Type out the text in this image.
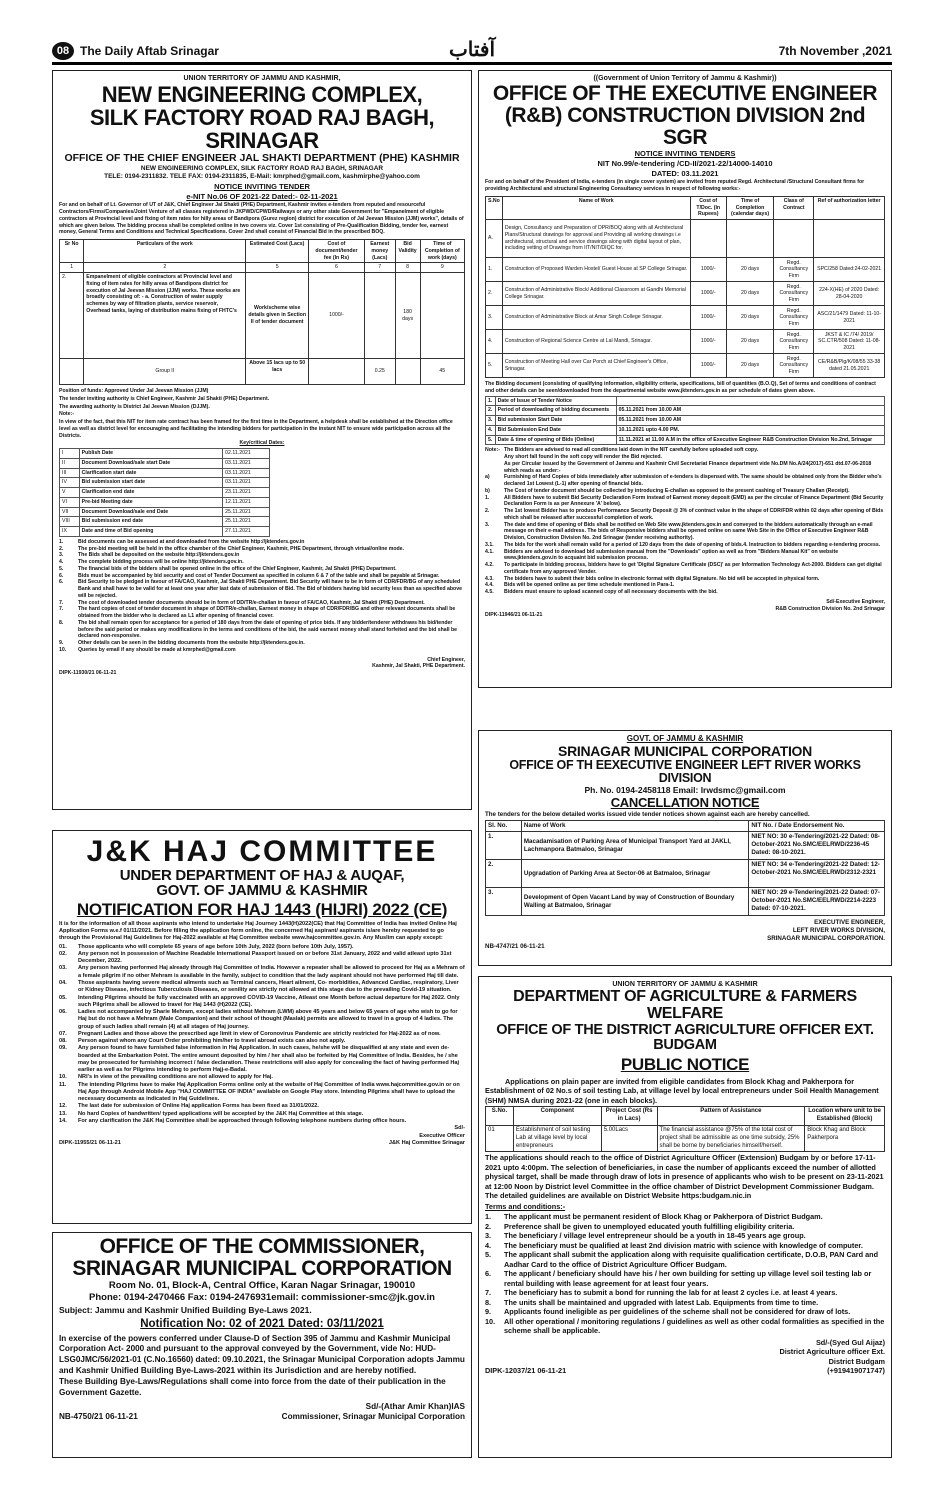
08 The Daily Aftab Srinagar	آفتاب	7th November ,2021
UNION TERRITORY OF JAMMU AND KASHMIR,
NEW ENGINEERING COMPLEX,
SILK FACTORY ROAD RAJ BAGH, SRINAGAR
OFFICE OF THE CHIEF ENGINEER JAL SHAKTI DEPARTMENT (PHE) KASHMIR
NEW ENGINEERING COMPLEX, SILK FACTORY ROAD RAJ BAGH, SRINAGAR
TELE: 0194-2311832. TELE FAX: 0194-2311835, E-Mail: kmrphed@gmail.com, kashmirphe@yahoo.com
NOTICE INVITING TENDER
e-NIT No.06 OF 2021-22 Dated:- 02-11-2021

For and on behalf of Lt. Governor of UT of J&K, Chief Engineer Jal Shakti (PHE) Department, Kashmir invites e-tenders from reputed and resourceful Contractors/Firms/Companies/Joint Venture of all classes registered in JKPWD/CPWD/Railways or any other state Government for "Empanelment of eligible contractors at Provincial level and fixing of item rates for hilly areas of Bandipora (Gurez region) district for execution of Jal Jeevan Mission (JJM) works", details of which are given below. The bidding process shall be completed online in two covers viz. Cover 1st consisting of Pre-Qualification Bidding, tender fee, earnest money, General Terms and Conditions and Technical Specifications. Cover 2nd shall consist of Financial Bid in the prescribed BOQ.

Sr No	Particulars of the work	Estimated Cost (Lacs)	Cost of document/tender fee (In Rs)	Earnest money (Lacs)	Bid Validity	Time of Completion of work (days)
1	2	5	6	7	8	9
2.	Empanelment of eligible contractors at Provincial level and fixing of item rates for hilly areas of Bandipora district for execution of Jal Jeevan Mission (JJM) works. These works are broadly consisting of: - a. Construction of water supply schemes by way of filtration plants, service reservoir, Overhead tanks, laying of distribution mains fixing of FHTC's	Work/scheme wise details given in Section II of tender document	1000/-		180 days	
	Group II	Above 15 lacs up to 50 lacs		0.25		45

Position of funds: Approved Under Jal Jeevan Mission (JJM)

The tender inviting authority is Chief Engineer, Kashmir Jal Shakti (PHE) Department.

The awarding authority is District Jal Jeevan Mission (DJJM).

Note:-

In view of the fact, that this NIT for item rate contract has been framed for the first time in the Department, a helpdesk shall be established at the Direction office level as well as district level for encouraging and facilitating the intending bidders for participation in the instant NIT to ensure wide participation across all the Districts.

Key/critical Dates:

I	Publish Date	02.11.2021
II	Document Download/sale start Date	03.11.2021
III	Clarification start date	03.11.2021
IV	Bid submission start date	03.11.2021
V	Clarification end date	23.11.2021
VI	Pre-bid Meeting date	12.11.2021
VII	Document Download/sale end Date	25.11.2021
VIII	Bid submission end date	25.11.2021
IX	Date and time of Bid opening	27.11.2021
1.	Bid documents can be assessed at and downloaded from the website http://jktenders.gov.in
2.	The pre-bid meeting will be held in the office chamber of the Chief Engineer, Kashmir, PHE Department, through virtual/online mode.
3.	The Bids shall be deposited on the website http://jktenders.gov.in
4.	The complete bidding process will be online http://jktenders.gov.in.
5.	The financial bids of the bidders shall be opened online in the office of the Chief Engineer, Kashmir, Jal Shakti (PHE) Department.
6.	Bids must be accompanied by bid security and cost of Tender Document as specified in column 6 & 7 of the table and shall be payable at Srinagar.
6.	Bid Security to be pledged in favour of FA/CAO, Kashmir, Jal Shakti PHE Department. Bid Security will have to be in form of CDR/FDR/BG of any scheduled Bank and shall have to be valid for at least one year after last date of submission of Bid. The Bid of bidders having bid security less than as specified above will be rejected.
7.	The cost of downloaded tender documents should be in form of DD/TR/e-challan in favour of FA/CAO, Kashmir, Jal Shakti (PHE) Department.
7.	The hard copies of cost of tender document in shape of DD/TR/e-challan, Earnest money in shape of CDR/FDR/BG and other relevant documents shall be obtained from the bidder who is declared as L1 after opening of financial cover.
8.	The bid shall remain open for acceptance for a period of 180 days from the date of opening of price bids. If any bidder/tenderer withdraws his bid/tender before the said period or makes any modifications in the terms and conditions of the bid, the said earnest money shall stand forfeited and the bid shall be declared non-responsive.
9.	Other details can be seen in the bidding documents from the website http://jktenders.gov.in.
10.	Queries by email if any should be made at kmrphed@gmail.com
Chief Engineer,
Kashmir, Jal Shakti, PHE Department.
DIPK-11930/21 06-11-21
((Government of Union Territory of Jammu & Kashmir))
OFFICE OF THE EXECUTIVE ENGINEER
(R&B) CONSTRUCTION DIVISION 2nd SGR
NOTICE INVITING TENDERS
NIT No.99/e-tendering /CD-II/2021-22/14000-14010
DATED: 03.11.2021

For and on behalf of the President of India, e-tenders (in single cover system) are invited from reputed Regd. Architectural /Structural Consultant firms for providing Architectural and structural Engineering Consultancy services in respect of following works:-

S.No	Name of Work	Cost of T/Doc. (In Rupees)	Time of Completion (calendar days)	Class of Contract	Ref of authorization letter
A.	Design, Consultancy and Preparation of DPR/BOQ along with all Architectural Plans/Structural drawings for approval and Providing all working drawings i.e architectural, structural and service drawings along with digital layout of plan, including vetting of Drawings from IIT/NIT/DIQC for.				
1.	Construction of Proposed Warden Hostel/ Guest House at SP College Srinagar.	1000/-	20 days	Regd. Consultancy Firm	SPC/258 Dated:24-02-2021
2.	Construction of Administrative Block/ Additional Classroom at Gandhi Memorial College Srinagar.	1000/-	20 days	Regd. Consultancy Firm	224-X(HE) of 2020 Dated: 28-04-2020
3.	Construction of Administrative Block at Amar Singh College Srinagar.	1000/-	20 days	Regd. Consultancy Firm	ASC/21/1479 Dated: 11-10-2021
4.	Construction of Regional Science Centre at Lal Mandi, Srinagar.	1000/-	20 days	Regd. Consultancy Firm	JKST & IC /74/ 2019/ SC.CTR/508 Dated: 11-08-2021
5.	Construction of Meeting Hall over Car Porch at Chief Engineer's Office, Srinagar.	1000/-	20 days	Regd. Consultancy Firm	CE/R&B/Plg/K/08/55 33-38 dated 21.05.2021

The Bidding document (consisting of qualifying information, eligibility criteria, specifications, bill of quantities (B.O.Q), Set of terms and conditions of contract and other details can be seen/downloaded from the departmental website www.jktenders.gov.in as per schedule of dates given above.

1.	Date of Issue of Tender Notice	
2.	Period of downloading of bidding documents	05.11.2021 from 10.00 AM
3.	Bid submission Start Date	05.11.2021 from 10.00 AM
4.	Bid Submission End Date	10.11.2021 upto 4.00 PM.
5.	Date & time of opening of Bids (Online)	11.11.2021 at 11.00 A.M in the office of Executive Engineer R&B Construction Division No.2nd, Srinagar
Note:- The Bidders are advised to read all conditions laid down in the NIT carefully before uploaded soft copy.
Any short fall found in the soft copy will render the Bid rejected.
As per Circular issued by the Government of Jammu and Kashmir Civil Secretariat Finance department vide No.DM No.A/24(2017)-651 dtd.07-06-2018 which reads as under:-
a)	Furnishing of Hard Copies of bids immediately after submission of e-tenders is dispensed with. The same should be obtained only from the Bidder who's declared 1st Lowest (L-1) after opening of financial bids.
b)	The Cost of tender document should be collected by introducing E-challan as opposed to the present cashing of Treasury Challan (Receipt).
1.	All Bidders have to submit Bid Security Declaration Form instead of Earnest money deposit (EMD) as per the circular of Finance Department (Bid Security Declaration Form is as per Annexure 'A' below).
2.	The 1st lowest Bidder has to produce Performance Security Deposit @ 3% of contract value in the shape of CDR/FDR within 02 days after opening of Bids which shall be released after successful completion of work.
3.	The date and time of opening of Bids shall be notified on Web Site www.jktenders.gov.in and conveyed to the bidders automatically through an e-mail message on their e-mail address. The bids of Responsive bidders shall be opened online on same Web Site in the Office of Executive Engineer R&B Division, Construction Division No. 2nd Srinagar (tender receiving authority).
3.1.	The bids for the work shall remain valid for a period of 120 days from the date of opening of bids.4. Instruction to bidders regarding e-tendering process.
4.1.	Bidders are advised to download bid submission manual from the "Downloads" option as well as from "Bidders Manual Kit" on website www.jktenders.gov.in to acquaint bid submission process.
4.2.	To participate in bidding process, bidders have to get 'Digital Signature Certificate (DSC)' as per Information Technology Act-2000. Bidders can get digital certificate from any approved Vender.
4.3.	The bidders have to submit their bids online in electronic format with digital Signature. No bid will be accepted in physical form.
4.4.	Bids will be opened online as per time schedule mentioned in Para-1.
4.5.	Bidders must ensure to upload scanned copy of all necessary documents with the bid.
Sd/-Executive Engineer,
R&B Construction Division No. 2nd Srinagar
DIPK-11946/21 06-11-21
GOVT. OF JAMMU & KASHMIR
SRINAGAR MUNICIPAL CORPORATION
OFFICE OF TH EEXECUTIVE ENGINEER LEFT RIVER WORKS DIVISION
Ph. No. 0194-2458118 Email: lrwdsmc@gmail.com
CANCELLATION NOTICE

The tenders for the below detailed works issued vide tender notices shown against each are hereby cancelled.

Sl. No.	Name of Work	NIT No. / Date Endorsement No.
1.	Macadamisation of Parking Area of Municipal Transport Yard at JAKLI, Lachmanpora Batmaloo, Srinagar	NIET NO: 30 e-Tendering/2021-22 Dated: 08-October-2021 No.SMC/EELRWD/2236-45 Dated: 08-10-2021.
2.	Upgradation of Parking Area at Sector-06 at Batmaloo, Srinagar	NIET NO: 34 e-Tendering/2021-22 Dated: 12-October-2021 No.SMC/EELRWD/2312-2321
3.	Development of Open Vacant Land by way of Construction of Boundary Walling at Batmaloo, Srinagar	NIET NO: 29 e-Tendering/2021-22 Dated: 07-October-2021 No.SMC/EELRWD/2214-2223 Dated: 07-10-2021.
EXECUTIVE ENGINEER,
LEFT RIVER WORKS DIVISION,
SRINAGAR MUNICIPAL CORPORATION.
NB-4747/21 06-11-21
J&K HAJ COMMITTEE
UNDER DEPARTMENT OF HAJ & AUQAF,
GOVT. OF JAMMU & KASHMIR
NOTIFICATION FOR HAJ 1443 (HIJRI) 2022 (CE)

It is for the information of all those aspirants who intend to undertake Haj Journey 1443(H)2022(CE) that Haj Committee of India has invited Online Haj Application Forms w.e.f 01/11/2021. Before filling the application form online, the concerned Haj aspirant/ aspirants is/are hereby requested to go through the Provisional Haj Guidelines for Haj-2022 available at Haj Committee website www.hajcommittee.gov.in. Any Muslim can apply except:

01.	Those applicants who will complete 65 years of age before 10th July, 2022 (born before 10th July, 1957).
02.	Any person not in possession of Machine Readable International Passport issued on or before 31st January, 2022 and valid atleast upto 31st December, 2022.
03.	Any person having performed Haj already through Haj Committee of India. However a repeater shall be allowed to proceed for Haj as a Mehram of a female pilgrim if no other Mehram is available in the family, subject to condition that the lady aspirant should not have performed Haj till date.
04.	Those aspirants having severe medical ailments such as Terminal cancers, Heart ailment, Co- morbidities, Advanced Cardiac, respiratory, Liver or Kidney Disease, infectious Tuberculosis Diseases, or senility are strictly not allowed at this stage due to the prevailing Covid-19 situation.
05.	Intending Pilgrims should be fully vaccinated with an approved COVID-19 Vaccine, Atleast one Month before actual departure for Haj 2022. Only such Pilgrims shall be allowed to travel for Haj 1443 (H)2022 (CE).
06.	Ladies not accompanied by Sharie Mehram, except ladies without Mehram (LWM) above 45 years and below 65 years of age who wish to go for Haj but do not have a Mehram (Male Companion) and their school of thought (Maslak) permits are allowed to travel in a group of 4 ladies. The group of such ladies shall remain (4) at all stages of Haj journey.
07.	Pregnant Ladies and those above the prescribed age limit in view of Coronovirus Pandemic are strictly restricted for Haj-2022 as of now.
08.	Person against whom any Court Order prohibiting him/her to travel abroad exists can also not apply.
09.	Any person found to have furnished false information in Haj Application. In such cases, he/she will be disqualified at any state and even de-boarded at the Embarkation Point. The entire amount deposited by him / her shall also be forfeited by Haj Committee of India. Besides, he / she may be prosecuted for furnishing incorrect / false declaration. These restrictions will also apply for concealing the fact of having performed Haj earlier as well as for Pilgrims intending to perform Hajj-e-Badal.
10.	NRI's in view of the prevailing conditions are not allowed to apply for Haj.
11.	The intending Pilgrims have to make Haj Application Forms online only at the website of Haj Committee of India www.hajcommittee.gov.in or on Haj App through Android Mobile App "HAJ COMMITTEE OF INDIA" available on Google Play store. Intending Pilgrims shall have to upload the necessary documents as indicated in Haj Guidelines.
12.	The last date for submission of Online Haj application Forms has been fixed as 31/01/2022.
13.	No hard Copies of handwritten/ typed applications will be accepted by the J&K Haj Committee at this stage.
14.	For any clarification the J&K Haj Committee shall be approached through following telephone numbers during office hours.
Sd/-
Executive Officer
DIPK-11955/21 06-11-21	J&K Haj Committee Srinagar
OFFICE OF THE COMMISSIONER,
SRINAGAR MUNICIPAL CORPORATION
Room No. 01, Block-A, Central Office, Karan Nagar Srinagar, 190010
Phone: 0194-2470466 Fax: 0194-2476931email: commissioner-smc@jk.gov.in
Subject: Jammu and Kashmir Unified Building Bye-Laws 2021.
Notification No: 02 of 2021 Dated: 03/11/2021

In exercise of the powers conferred under Clause-D of Section 395 of Jammu and Kashmir Municipal Corporation Act- 2000 and pursuant to the approval conveyed by the Government, vide No: HUD-LSG0JMC/56/2021-01 (C.No.16560) dated: 09.10.2021, the Srinagar Municipal Corporation adopts Jammu and Kashmir Unified Building Bye-Laws-2021 within its Jurisdiction and are hereby notified.

These Building Bye-Laws/Regulations shall come into force from the date of their publication in the Government Gazette.

Sd/-(Athar Amir Khan)IAS
NB-4750/21 06-11-21	Commissioner, Srinagar Municipal Corporation
UNION TERRITORY OF JAMMU & KASHMIR
DEPARTMENT OF AGRICULTURE & FARMERS WELFARE
OFFICE OF THE DISTRICT AGRICULTURE OFFICER EXT. BUDGAM
PUBLIC NOTICE

Applications on plain paper are invited from eligible candidates from Block Khag and Pakherpora for Establishment of 02 No.s of soil testing Lab, at village level by local entrepreneurs under Soil Health Management (SHM) NMSA during 2021-22 (one in each blocks).

S.No.	Component	Project Cost (Rs in Lacs)	Pattern of Assistance	Location where unit to be Established (Block)
01	Establishment of soil testing Lab at village level by local entrepreneurs	5.00Lacs	The financial assistance @75% of the total cost of project shall be admissible as one time subsidy, 25% shall be borne by beneficiaries himself/herself.	Block Khag and Block Pakherpora

The applications should reach to the office of District Agriculture Officer (Extension) Budgam by or before 17-11-2021 upto 4:00pm. The selection of beneficiaries, in case the number of applicants exceed the number of allotted physical target, shall be made through draw of lots in presence of applicants who wish to be present on 23-11-2021 at 12:00 Noon by District level Committee in the office chamber of District Development Commissioner Budgam. The detailed guidelines are available on District Website https:budgam.nic.in

Terms and conditions:-

1.	The applicant must be permanent resident of Block Khag or Pakherpora of District Budgam.
2.	Preference shall be given to unemployed educated youth fulfilling eligibility criteria.
3.	The beneficiary / village level entrepreneur should be a youth in 18-45 years age group.
4.	The beneficiary must be qualified at least 2nd division matric with science with knowledge of computer.
5.	The applicant shall submit the application along with requisite qualification certificate, D.O.B, PAN Card and Aadhar Card to the office of District Agriculture Officer Budgam.
6.	The applicant / beneficiary should have his / her own building for setting up village level soil testing lab or rental building with lease agreement for at least four years.
7.	The beneficiary has to submit a bond for running the lab for at least 2 cycles i.e. at least 4 years.
8.	The units shall be maintained and upgraded with latest Lab. Equipments from time to time.
9.	Applicants found ineligible as per guidelines of the scheme shall not be considered for draw of lots.
10.	All other operational / monitoring regulations / guidelines as well as other codal formalities as specified in the scheme shall be applicable.
Sd/-(Syed Gul Aijaz)
District Agriculture officer Ext.
District Budgam
DIPK-12037/21 06-11-21	(+919419071747)
